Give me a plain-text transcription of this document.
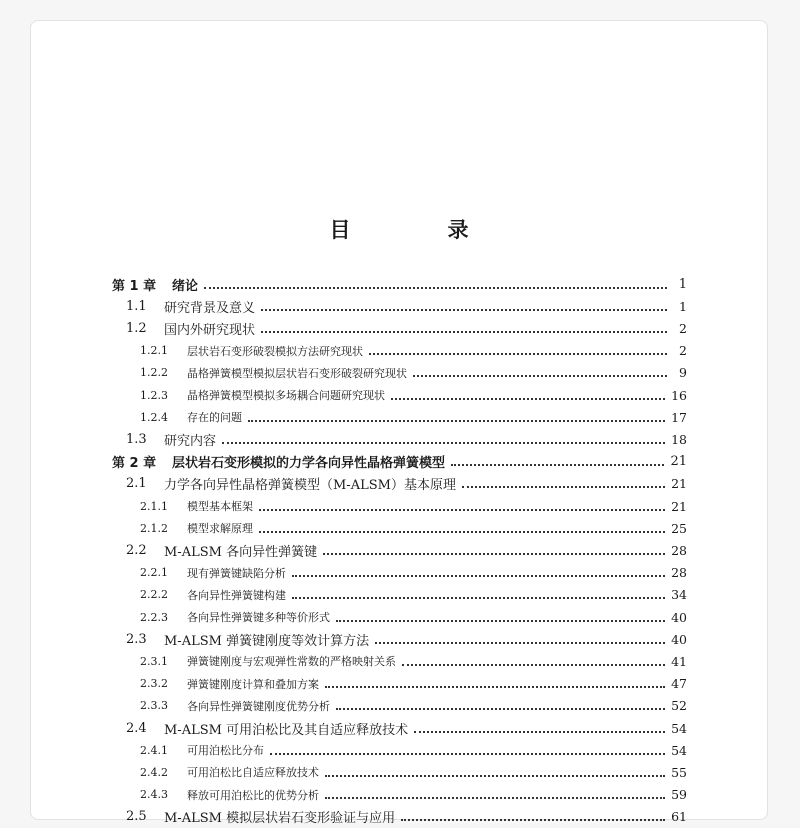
目　录
第 1 章	绪论	1
1.1	研究背景及意义	1
1.2	国内外研究现状	2
1.2.1	层状岩石变形破裂模拟方法研究现状	2
1.2.2	晶格弹簧模型模拟层状岩石变形破裂研究现状	9
1.2.3	晶格弹簧模型模拟多场耦合问题研究现状	16
1.2.4	存在的问题	17
1.3	研究内容	18
第 2 章	层状岩石变形模拟的力学各向异性晶格弹簧模型	21
2.1	力学各向异性晶格弹簧模型（M-ALSM）基本原理	21
2.1.1	模型基本框架	21
2.1.2	模型求解原理	25
2.2	M-ALSM 各向异性弹簧键	28
2.2.1	现有弹簧键缺陷分析	28
2.2.2	各向异性弹簧键构建	34
2.2.3	各向异性弹簧键多种等价形式	40
2.3	M-ALSM 弹簧键刚度等效计算方法	40
2.3.1	弹簧键刚度与宏观弹性常数的严格映射关系	41
2.3.2	弹簧键刚度计算和叠加方案	47
2.3.3	各向异性弹簧键刚度优势分析	52
2.4	M-ALSM 可用泊松比及其自适应释放技术	54
2.4.1	可用泊松比分布	54
2.4.2	可用泊松比自适应释放技术	55
2.4.3	释放可用泊松比的优势分析	59
2.5	M-ALSM 模拟层状岩石变形验证与应用	61
